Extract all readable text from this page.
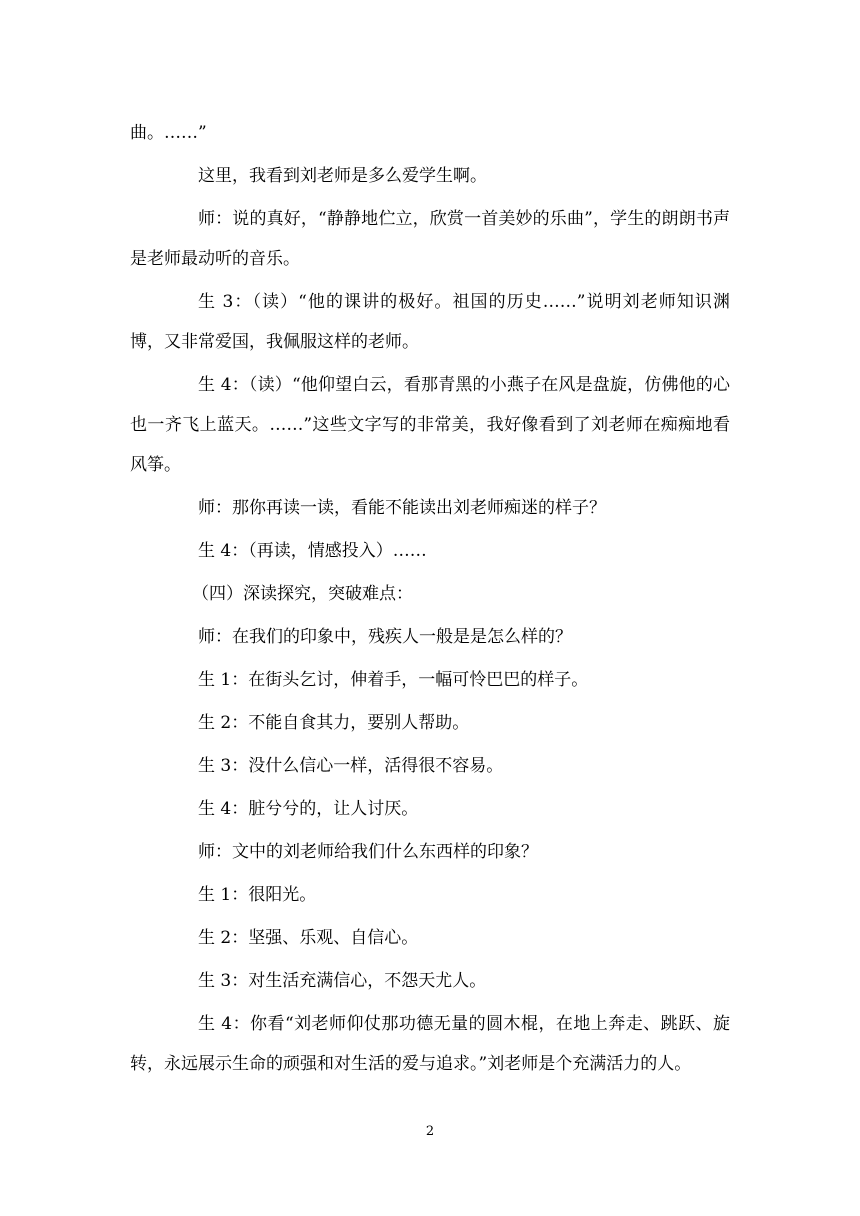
曲。……”

这里，我看到刘老师是多么爱学生啊。

师：说的真好，“静静地伫立，欣赏一首美妙的乐曲”，学生的朗朗书声是老师最动听的音乐。

生 3：（读）“他的课讲的极好。祖国的历史……”说明刘老师知识渊博，又非常爱国，我佩服这样的老师。

生 4：（读）“他仰望白云，看那青黑的小燕子在风是盘旋，仿佛他的心也一齐飞上蓝天。……”这些文字写的非常美，我好像看到了刘老师在痴痴地看风筝。

师：那你再读一读，看能不能读出刘老师痴迷的样子？

生 4：（再读，情感投入）……

（四）深读探究，突破难点：

师：在我们的印象中，残疾人一般是是怎么样的？

生 1：在街头乞讨，伸着手，一幅可怜巴巴的样子。

生 2：不能自食其力，要别人帮助。

生 3：没什么信心一样，活得很不容易。

生 4：脏兮兮的，让人讨厌。

师：文中的刘老师给我们什么东西样的印象？

生 1：很阳光。

生 2：坚强、乐观、自信心。

生 3：对生活充满信心，不怨天尤人。

生 4：你看“刘老师仰仗那功德无量的圆木棍，在地上奔走、跳跃、旋转，永远展示生命的顽强和对生活的爱与追求。”刘老师是个充满活力的人。

2
